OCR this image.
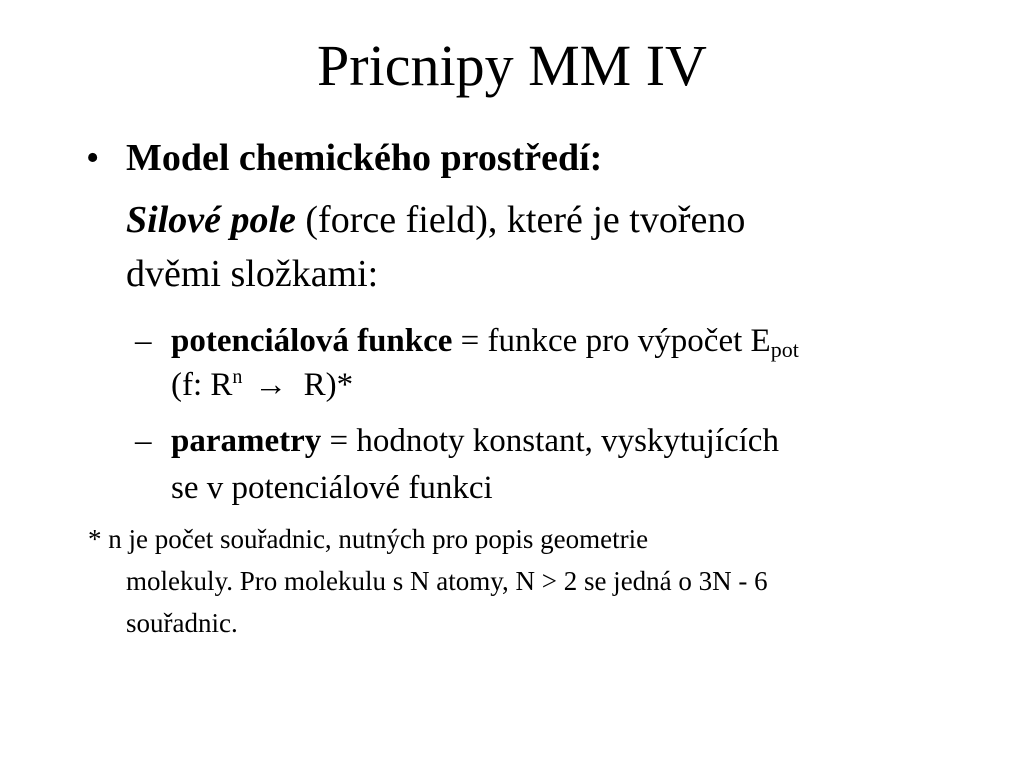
Pricnipy MM IV
• Model chemického prostředí:
Silové pole (force field), které je tvořeno
dvěmi složkami:
– potenciálová funkce = funkce pro výpočet $E_{pot}$
(f: $R^n \to R)*$
– parametry = hodnoty konstant, vyskytujících
se v potenciálové funkci
* n je počet souřadnic, nutných pro popis geometrie
molekuly. Pro molekulu s N atomy, N > 2 se jedná o 3N - 6
souřadnic.
